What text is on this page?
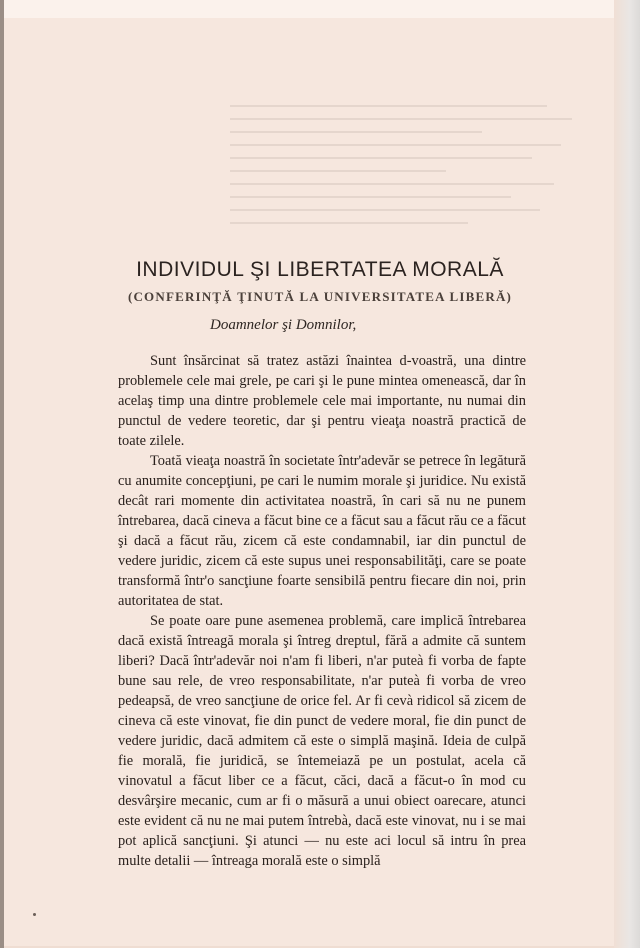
INDIVIDUL ŞI LIBERTATEA MORALĂ
(CONFERINŢĂ ŢINUTĂ LA UNIVERSITATEA LIBERĂ)

Doamnelor şi Domnilor,

Sunt însărcinat să tratez astăzi înaintea d-voastră, una dintre problemele cele mai grele, pe cari şi le pune mintea omenească, dar în acelaş timp una dintre problemele cele mai importante, nu numai din punctul de vedere teoretic, dar şi pentru vieaţa noastră practică de toate zilele.

Toată vieaţa noastră în societate într'adevăr se petrece în legătură cu anumite concepţiuni, pe cari le numim morale şi juridice. Nu există decât rari momente din activitatea noastră, în cari să nu ne punem întrebarea, dacă cineva a făcut bine ce a făcut sau a făcut rău ce a făcut şi dacă a făcut rău, zicem că este condamnabil, iar din punctul de vedere juridic, zicem că este supus unei responsabilităţi, care se poate transformă într'o sancţiune foarte sensibilă pentru fiecare din noi, prin autoritatea de stat.

Se poate oare pune asemenea problemă, care implică întrebarea dacă există întreagă morala şi întreg dreptul, fără a admite că suntem liberi? Dacă într'adevăr noi n'am fi liberi, n'ar puteà fi vorba de fapte bune sau rele, de vreo responsabilitate, n'ar puteà fi vorba de vreo pedeapsă, de vreo sancţiune de orice fel. Ar fi cevà ridicol să zicem de cineva că este vinovat, fie din punct de vedere moral, fie din punct de vedere juridic, dacă admitem că este o simplă maşină. Ideia de culpă fie morală, fie juridică, se întemeiază pe un postulat, acela că vinovatul a făcut liber ce a făcut, căci, dacă a făcut-o în mod cu desvârşire mecanic, cum ar fi o măsură a unui obiect oarecare, atunci este evident că nu ne mai putem întrebà, dacă este vinovat, nu i se mai pot aplică sancţiuni. Şi atunci — nu este aci locul să intru în prea multe detalii — întreaga morală este o simplă
